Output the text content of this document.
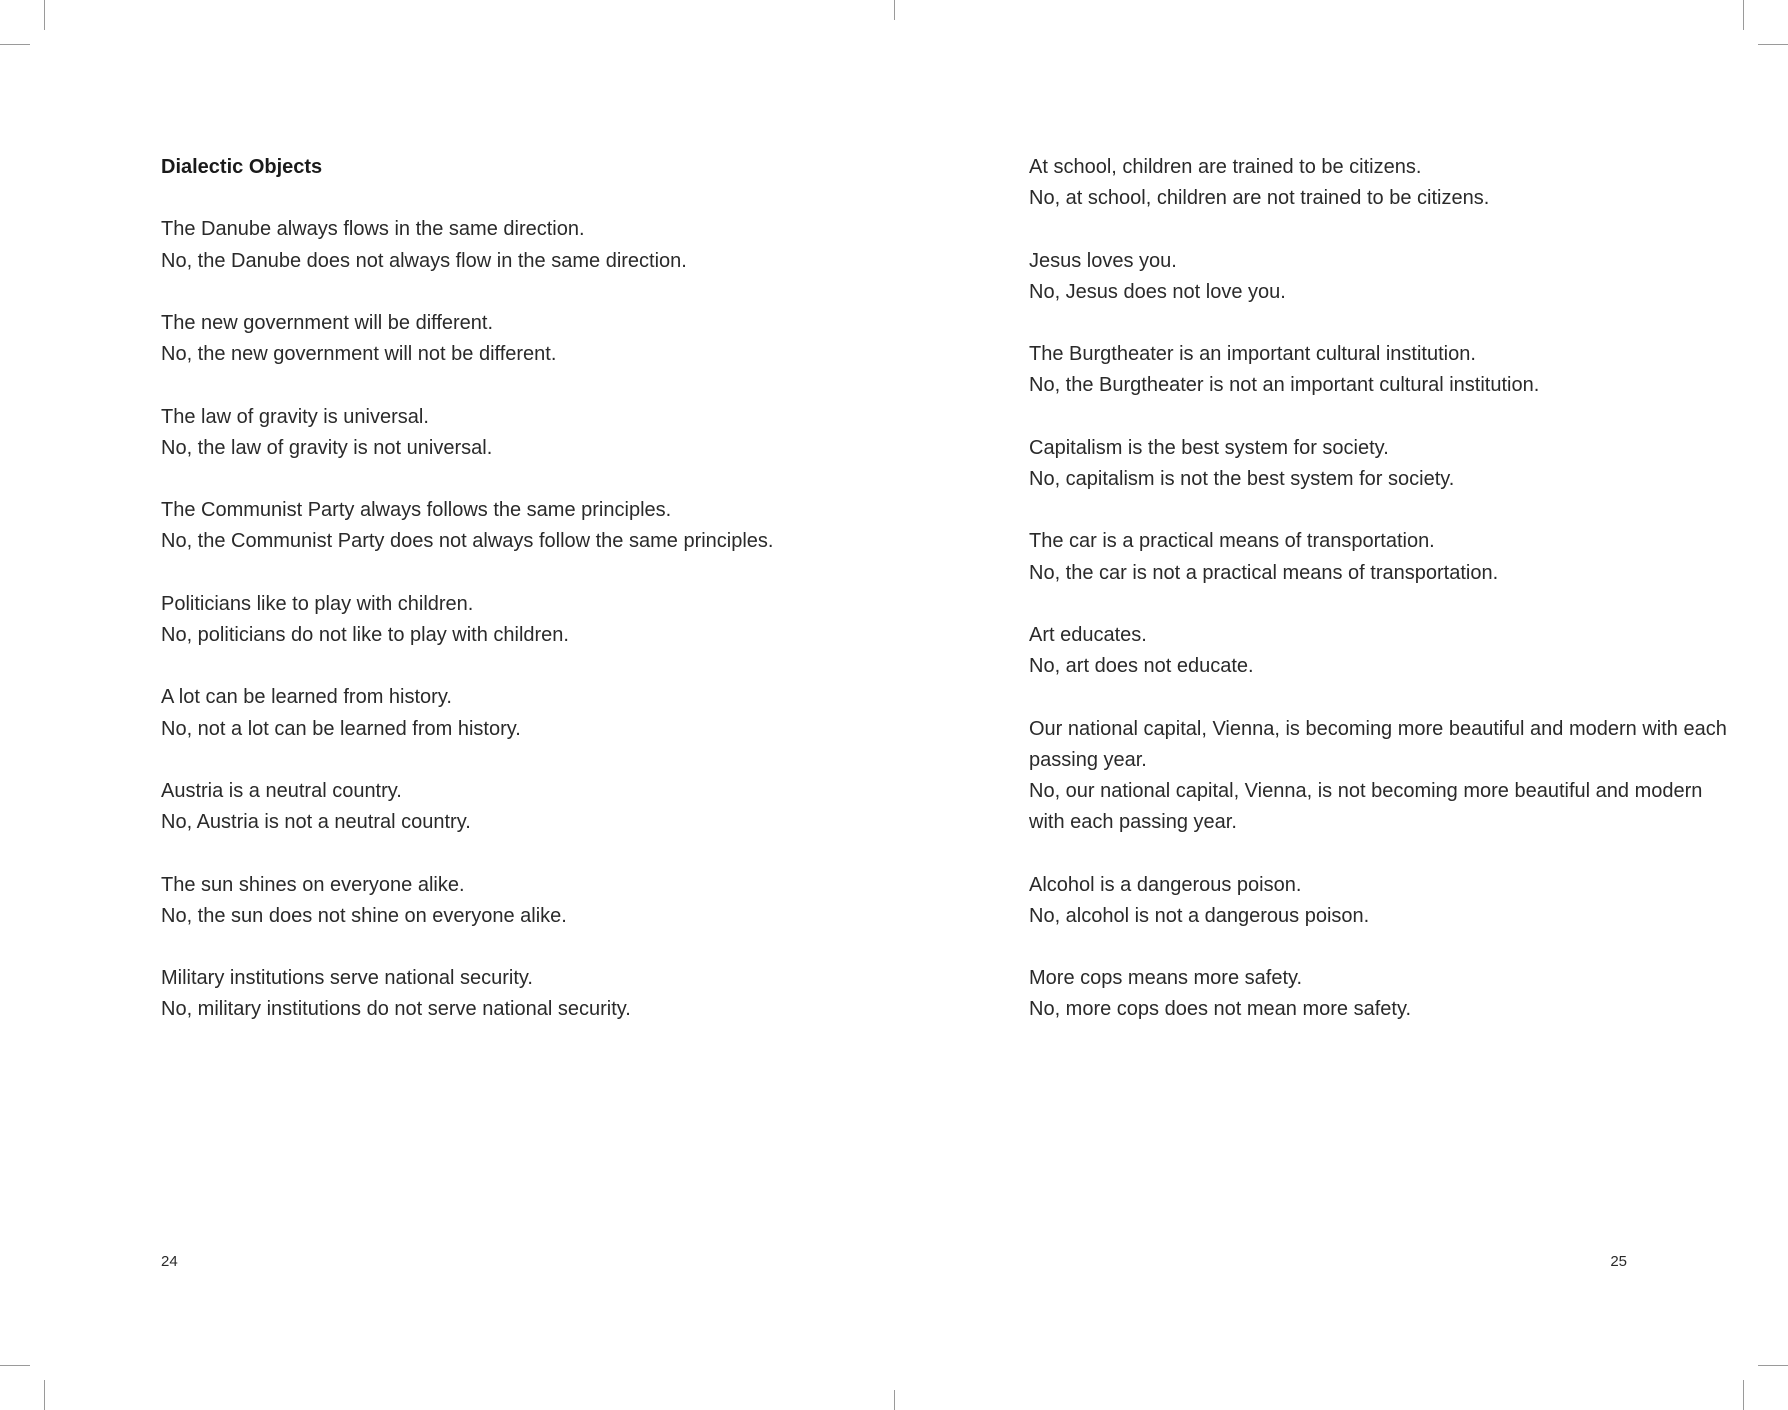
Dialectic Objects

The Danube always flows in the same direction.

No, the Danube does not always flow in the same direction.

The new government will be different.

No, the new government will not be different.

The law of gravity is universal.

No, the law of gravity is not universal.

The Communist Party always follows the same principles.

No, the Communist Party does not always follow the same principles.

Politicians like to play with children.

No, politicians do not like to play with children.

A lot can be learned from history.

No, not a lot can be learned from history.

Austria is a neutral country.

No, Austria is not a neutral country.

The sun shines on everyone alike.

No, the sun does not shine on everyone alike.

Military institutions serve national security.

No, military institutions do not serve national security.

24

At school, children are trained to be citizens.

No, at school, children are not trained to be citizens.

Jesus loves you.

No, Jesus does not love you.

The Burgtheater is an important cultural institution.

No, the Burgtheater is not an important cultural institution.

Capitalism is the best system for society.

No, capitalism is not the best system for society.

The car is a practical means of transportation.

No, the car is not a practical means of transportation.

Art educates.

No, art does not educate.

Our national capital, Vienna, is becoming more beautiful and modern with each passing year.

No, our national capital, Vienna, is not becoming more beautiful and modern with each passing year.

Alcohol is a dangerous poison.

No, alcohol is not a dangerous poison.

More cops means more safety.

No, more cops does not mean more safety.

25
